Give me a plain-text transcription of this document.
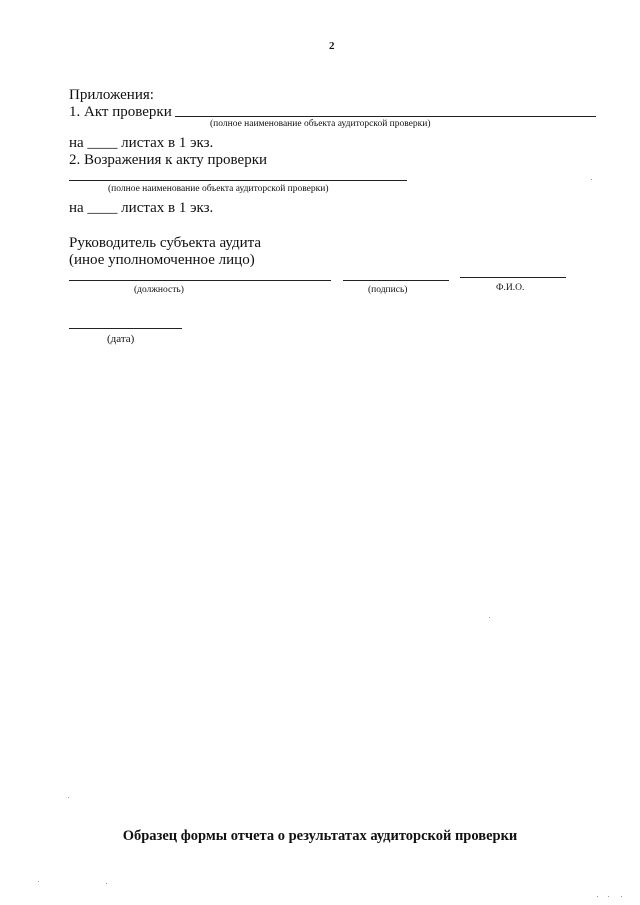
2
Приложения:
1. Акт проверки
(полное наименование объекта аудиторской проверки)
на ____ листах в 1 экз.
2. Возражения к акту проверки
(полное наименование объекта аудиторской проверки)
на ____ листах в 1 экз.
Руководитель субъекта аудита
(иное уполномоченное лицо)
(должность)	(подпись)	Ф.И.О.
(дата)
Образец формы отчета о результатах аудиторской проверки
